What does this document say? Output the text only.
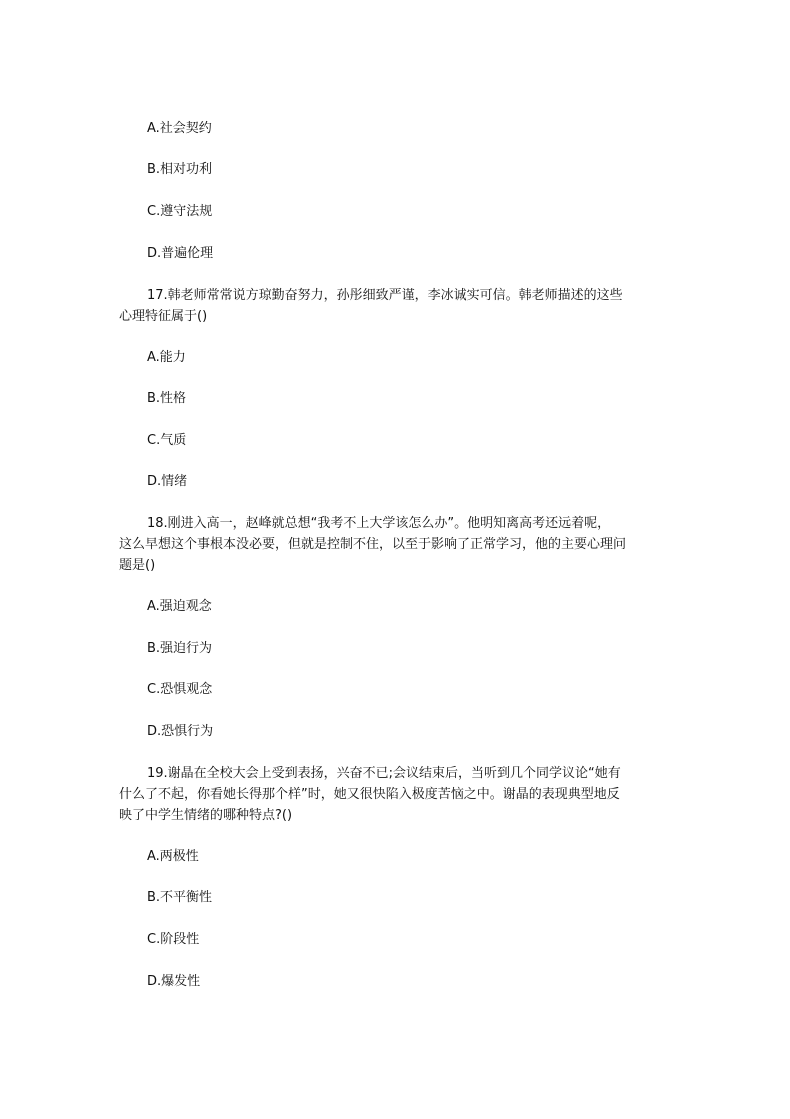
A.社会契约
B.相对功利
C.遵守法规
D.普遍伦理
17.韩老师常常说方琼勤奋努力，孙彤细致严谨，李冰诚实可信。韩老师描述的这些
心理特征属于()
A.能力
B.性格
C.气质
D.情绪
18.刚进入高一，赵峰就总想“我考不上大学该怎么办”。他明知离高考还远着呢，
这么早想这个事根本没必要，但就是控制不住，以至于影响了正常学习，他的主要心理问
题是()
A.强迫观念
B.强迫行为
C.恐惧观念
D.恐惧行为
19.谢晶在全校大会上受到表扬，兴奋不已;会议结束后，当听到几个同学议论“她有
什么了不起，你看她长得那个样”时，她又很快陷入极度苦恼之中。谢晶的表现典型地反
映了中学生情绪的哪种特点?()
A.两极性
B.不平衡性
C.阶段性
D.爆发性
